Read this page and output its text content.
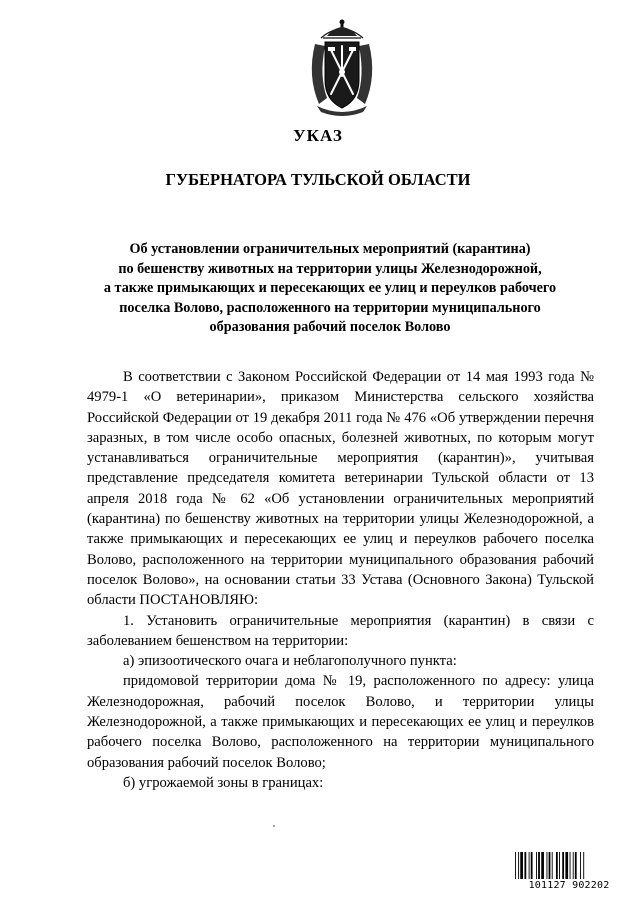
УКАЗ
ГУБЕРНАТОРА ТУЛЬСКОЙ ОБЛАСТИ
Об установлении ограничительных мероприятий (карантина)
по бешенству животных на территории улицы Железнодорожной,
а также примыкающих и пересекающих ее улиц и переулков рабочего
поселка Волово, расположенного на территории муниципального
образования рабочий поселок Волово

В соответствии с Законом Российской Федерации от 14 мая 1993 года № 4979-1 «О ветеринарии», приказом Министерства сельского хозяйства Российской Федерации от 19 декабря 2011 года № 476 «Об утверждении перечня заразных, в том числе особо опасных, болезней животных, по которым могут устанавливаться ограничительные мероприятия (карантин)», учитывая представление председателя комитета ветеринарии Тульской области от 13 апреля 2018 года № 62 «Об установлении ограничительных мероприятий (карантина) по бешенству животных на территории улицы Железнодорожной, а также примыкающих и пересекающих ее улиц и переулков рабочего поселка Волово, расположенного на территории муниципального образования рабочий поселок Волово», на основании статьи 33 Устава (Основного Закона) Тульской области ПОСТАНОВЛЯЮ:

1. Установить ограничительные мероприятия (карантин) в связи с заболеванием бешенством на территории:

а) эпизоотического очага и неблагополучного пункта:

придомовой территории дома № 19, расположенного по адресу: улица Железнодорожная, рабочий поселок Волово, и территории улицы Железнодорожной, а также примыкающих и пересекающих ее улиц и переулков рабочего поселка Волово, расположенного на территории муниципального образования рабочий поселок Волово;

б) угрожаемой зоны в границах:

101127 902202
